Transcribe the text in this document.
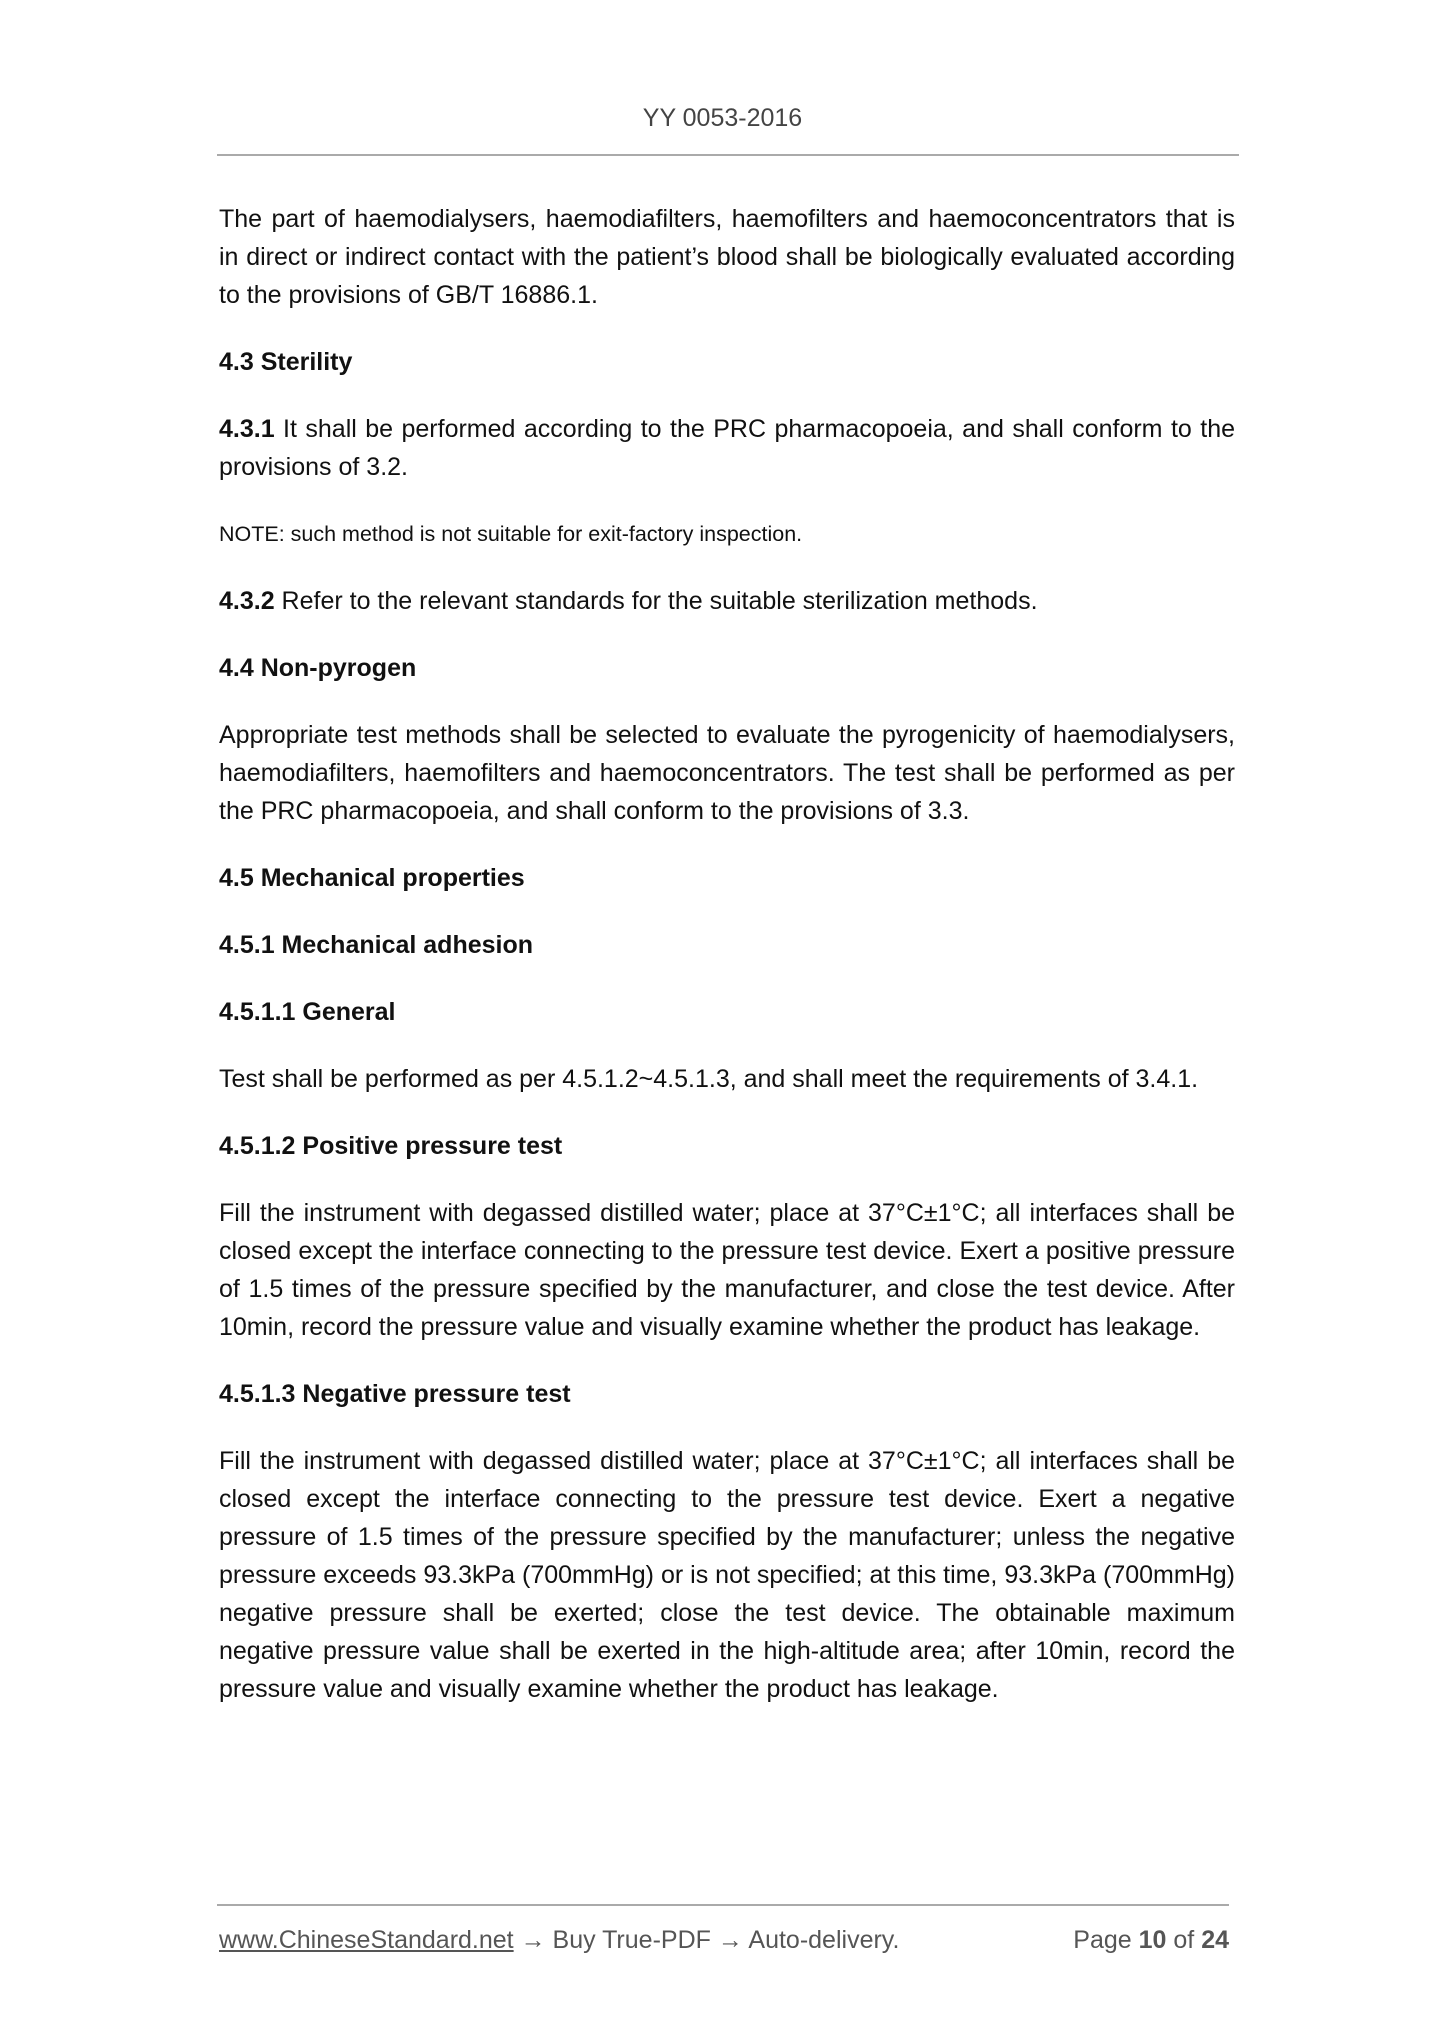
YY 0053-2016

The part of haemodialysers, haemodiafilters, haemofilters and haemoconcentrators that is in direct or indirect contact with the patient’s blood shall be biologically evaluated according to the provisions of GB/T 16886.1.

4.3 Sterility

4.3.1 It shall be performed according to the PRC pharmacopoeia, and shall conform to the provisions of 3.2.

NOTE: such method is not suitable for exit-factory inspection.

4.3.2 Refer to the relevant standards for the suitable sterilization methods.

4.4 Non-pyrogen

Appropriate test methods shall be selected to evaluate the pyrogenicity of haemodialysers, haemodiafilters, haemofilters and haemoconcentrators. The test shall be performed as per the PRC pharmacopoeia, and shall conform to the provisions of 3.3.

4.5 Mechanical properties

4.5.1 Mechanical adhesion

4.5.1.1 General

Test shall be performed as per 4.5.1.2~4.5.1.3, and shall meet the requirements of 3.4.1.

4.5.1.2 Positive pressure test

Fill the instrument with degassed distilled water; place at 37°C±1°C; all interfaces shall be closed except the interface connecting to the pressure test device. Exert a positive pressure of 1.5 times of the pressure specified by the manufacturer, and close the test device. After 10min, record the pressure value and visually examine whether the product has leakage.

4.5.1.3 Negative pressure test

Fill the instrument with degassed distilled water; place at 37°C±1°C; all interfaces shall be closed except the interface connecting to the pressure test device. Exert a negative pressure of 1.5 times of the pressure specified by the manufacturer; unless the negative pressure exceeds 93.3kPa (700mmHg) or is not specified; at this time, 93.3kPa (700mmHg) negative pressure shall be exerted; close the test device. The obtainable maximum negative pressure value shall be exerted in the high-altitude area; after 10min, record the pressure value and visually examine whether the product has leakage.

www.ChineseStandard.net → Buy True-PDF → Auto-delivery.	Page 10 of 24
